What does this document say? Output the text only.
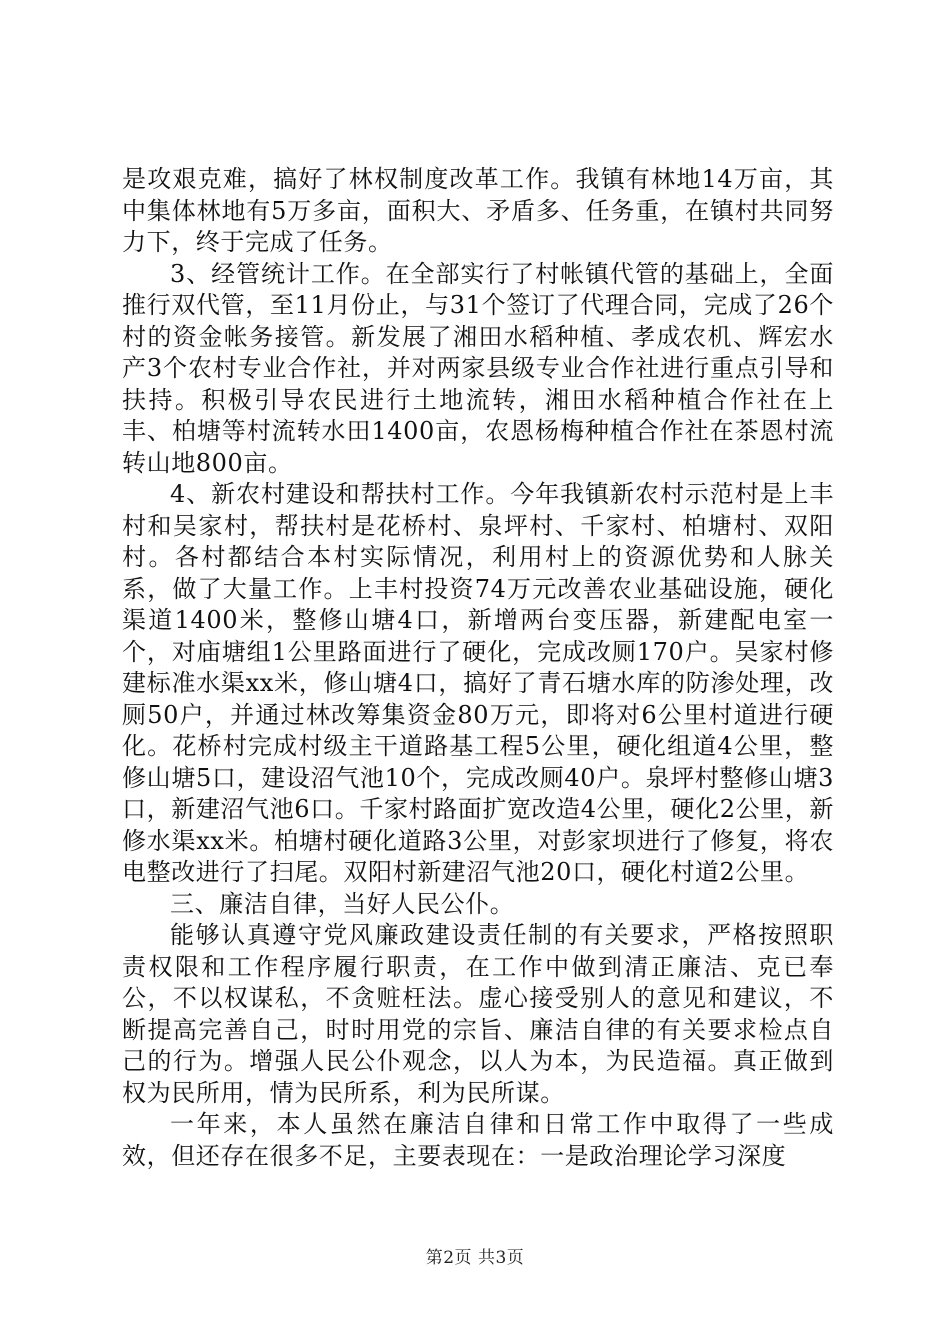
是攻艰克难，搞好了林权制度改革工作。我镇有林地14万亩，其中集体林地有5万多亩，面积大、矛盾多、任务重，在镇村共同努力下，终于完成了任务。

3、经管统计工作。在全部实行了村帐镇代管的基础上，全面推行双代管，至11月份止，与31个签订了代理合同，完成了26个村的资金帐务接管。新发展了湘田水稻种植、孝成农机、辉宏水产3个农村专业合作社，并对两家县级专业合作社进行重点引导和扶持。积极引导农民进行土地流转，湘田水稻种植合作社在上丰、柏塘等村流转水田1400亩，农恩杨梅种植合作社在茶恩村流转山地800亩。

4、新农村建设和帮扶村工作。今年我镇新农村示范村是上丰村和吴家村，帮扶村是花桥村、泉坪村、千家村、柏塘村、双阳村。各村都结合本村实际情况，利用村上的资源优势和人脉关系，做了大量工作。上丰村投资74万元改善农业基础设施，硬化渠道1400米，整修山塘4口，新增两台变压器，新建配电室一个，对庙塘组1公里路面进行了硬化，完成改厕170户。吴家村修建标准水渠xx米，修山塘4口，搞好了青石塘水库的防渗处理，改厕50户，并通过林改筹集资金80万元，即将对6公里村道进行硬化。花桥村完成村级主干道路基工程5公里，硬化组道4公里，整修山塘5口，建设沼气池10个，完成改厕40户。泉坪村整修山塘3口，新建沼气池6口。千家村路面扩宽改造4公里，硬化2公里，新修水渠xx米。柏塘村硬化道路3公里，对彭家坝进行了修复，将农电整改进行了扫尾。双阳村新建沼气池20口，硬化村道2公里。

三、廉洁自律，当好人民公仆。

能够认真遵守党风廉政建设责任制的有关要求，严格按照职责权限和工作程序履行职责，在工作中做到清正廉洁、克已奉公，不以权谋私，不贪赃枉法。虚心接受别人的意见和建议，不断提高完善自己，时时用党的宗旨、廉洁自律的有关要求检点自己的行为。增强人民公仆观念，以人为本，为民造福。真正做到权为民所用，情为民所系，利为民所谋。

一年来，本人虽然在廉洁自律和日常工作中取得了一些成效，但还存在很多不足，主要表现在：一是政治理论学习深度

第2页 共3页
